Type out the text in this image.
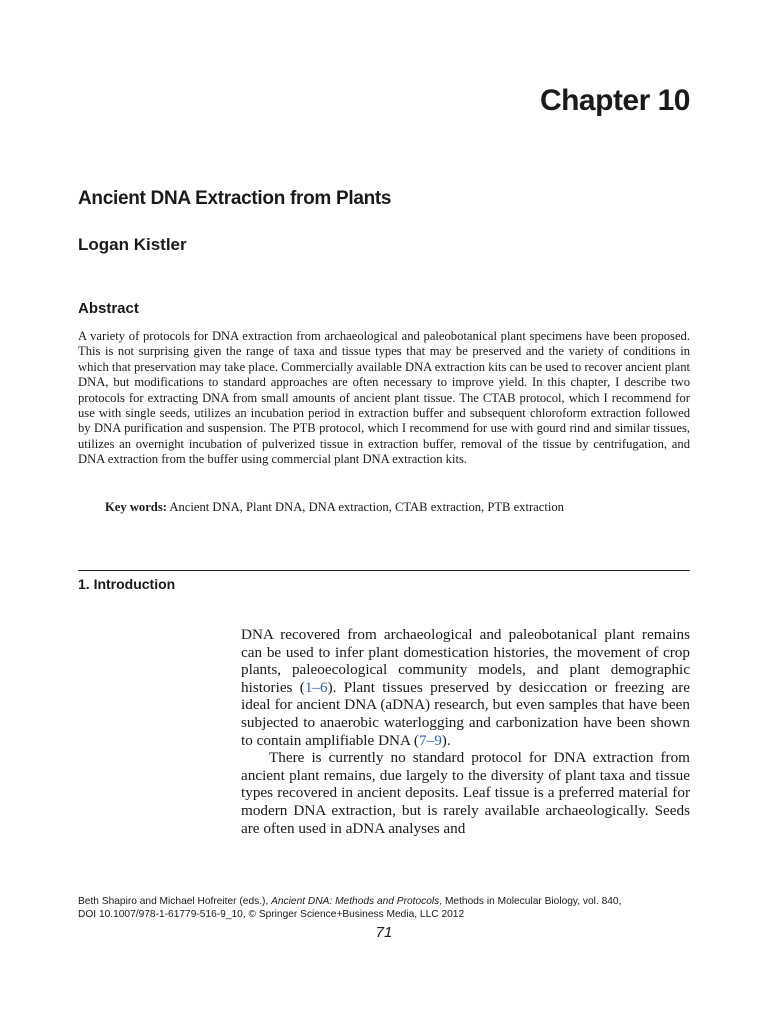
Chapter 10
Ancient DNA Extraction from Plants
Logan Kistler
Abstract

A variety of protocols for DNA extraction from archaeological and paleobotanical plant specimens have been proposed. This is not surprising given the range of taxa and tissue types that may be preserved and the variety of conditions in which that preservation may take place. Commercially available DNA extraction kits can be used to recover ancient plant DNA, but modifications to standard approaches are often necessary to improve yield. In this chapter, I describe two protocols for extracting DNA from small amounts of ancient plant tissue. The CTAB protocol, which I recommend for use with single seeds, utilizes an incubation period in extraction buffer and subsequent chloroform extraction followed by DNA purification and suspension. The PTB protocol, which I recommend for use with gourd rind and similar tissues, utilizes an overnight incubation of pulverized tissue in extraction buffer, removal of the tissue by centrifugation, and DNA extraction from the buffer using commercial plant DNA extraction kits.

Key words: Ancient DNA, Plant DNA, DNA extraction, CTAB extraction, PTB extraction

1. Introduction

DNA recovered from archaeological and paleobotanical plant remains can be used to infer plant domestication histories, the movement of crop plants, paleoecological community models, and plant demographic histories (1–6). Plant tissues preserved by desiccation or freezing are ideal for ancient DNA (aDNA) research, but even samples that have been subjected to anaerobic waterlogging and carbonization have been shown to contain amplifiable DNA (7–9).

There is currently no standard protocol for DNA extraction from ancient plant remains, due largely to the diversity of plant taxa and tissue types recovered in ancient deposits. Leaf tissue is a preferred material for modern DNA extraction, but is rarely available archaeologically. Seeds are often used in aDNA analyses and

Beth Shapiro and Michael Hofreiter (eds.), Ancient DNA: Methods and Protocols, Methods in Molecular Biology, vol. 840,
DOI 10.1007/978-1-61779-516-9_10, © Springer Science+Business Media, LLC 2012
71
